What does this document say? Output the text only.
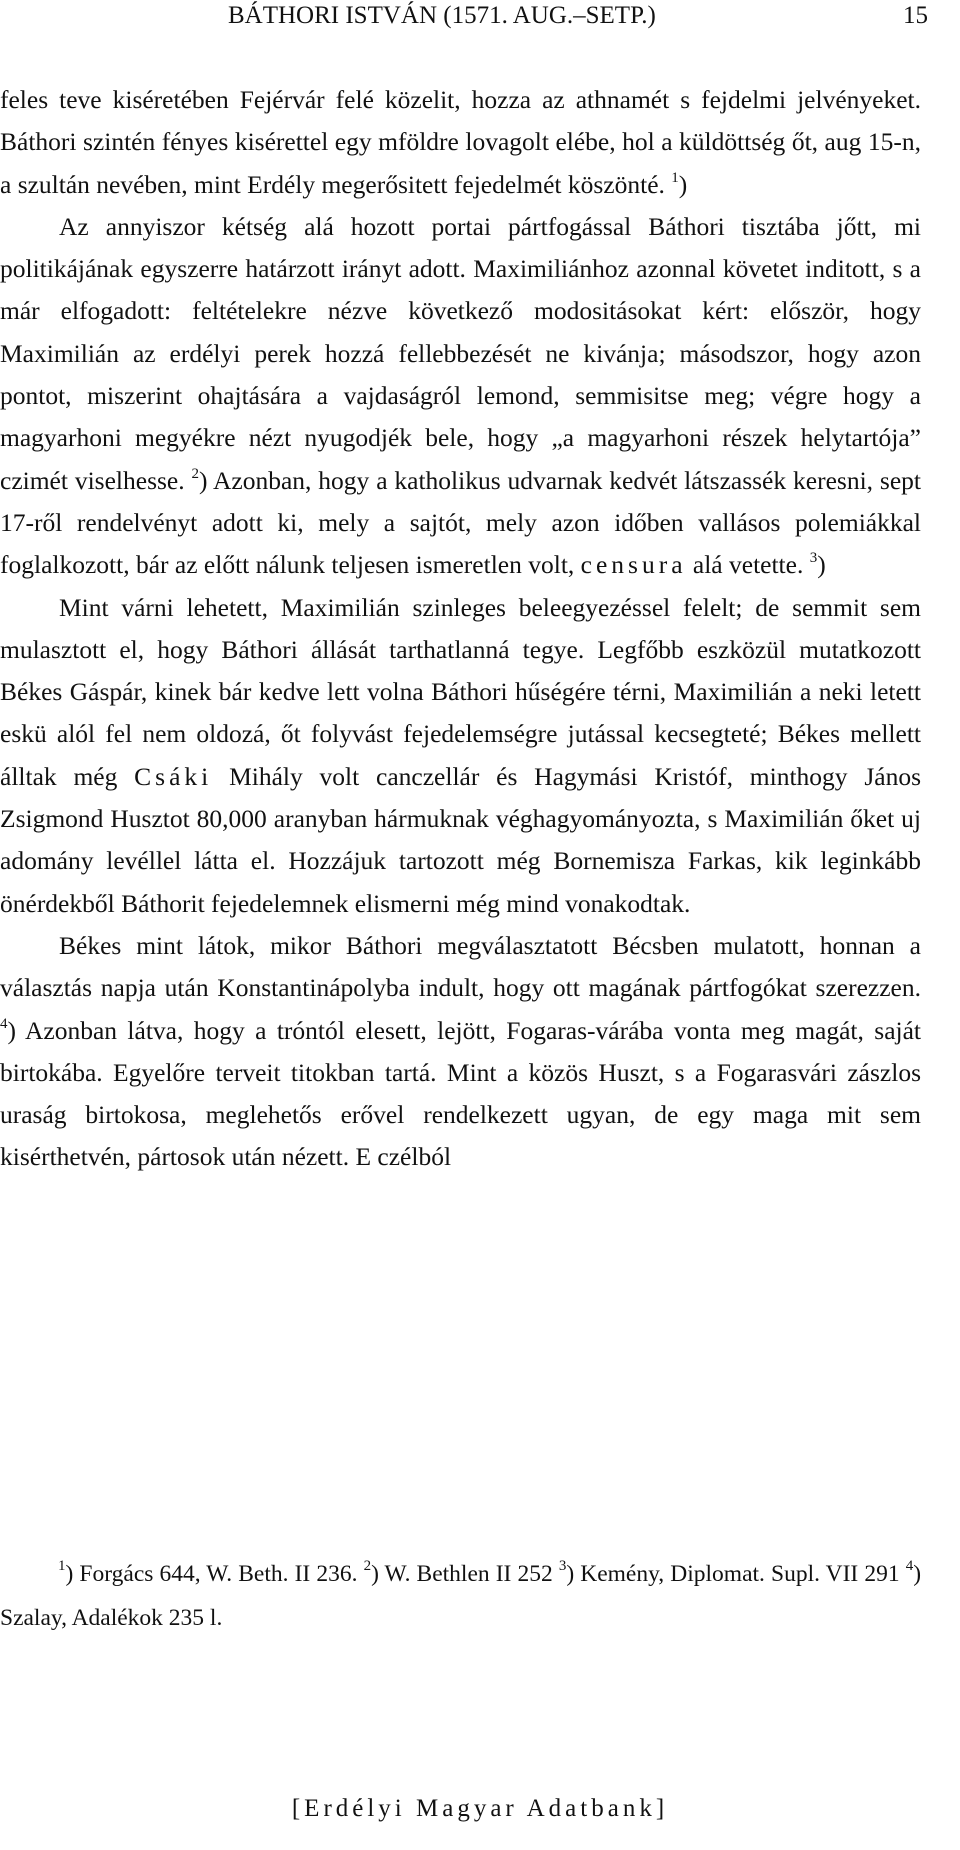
BÁTHORI ISTVÁN (1571. AUG.–SETP.)	15

feles teve kiséretében Fejérvár felé közelit, hozza az athnamét s fejdelmi jelvényeket. Báthori szintén fényes kisérettel egy mföldre lovagolt elébe, hol a küldöttség őt, aug 15-n, a szultán nevében, mint Erdély megerősitett fejedelmét köszönté. $^1$)

Az annyiszor kétség alá hozott portai pártfogással Báthori tisztába jőtt, mi politikájának egyszerre határzott irányt adott. Maximiliánhoz azonnal követet inditott, s a már elfogadott: feltételekre nézve következő modositásokat kért: először, hogy Maximilián az erdélyi perek hozzá fellebbezését ne kivánja; másodszor, hogy azon pontot, miszerint ohajtására a vajdaságról lemond, semmisitse meg; végre hogy a magyarhoni megyékre nézt nyugodjék bele, hogy „a magyarhoni részek helytartója” czimét viselhesse. $^2$) Azonban, hogy a katholikus udvarnak kedvét látszassék keresni, sept 17-ről rendelvényt adott ki, mely a sajtót, mely azon időben vallásos polemiákkal foglalkozott, bár az előtt nálunk teljesen ismeretlen volt, censura alá vetette. $^3$)

Mint várni lehetett, Maximilián szinleges beleegyezéssel felelt; de semmit sem mulasztott el, hogy Báthori állását tarthatlanná tegye. Legfőbb eszközül mutatkozott Békes Gáspár, kinek bár kedve lett volna Báthori hűségére térni, Maximilián a neki letett eskü alól fel nem oldozá, őt folyvást fejedelemségre jutással kecsegteté; Békes mellett álltak még Csáki Mihály volt canczellár és Hagymási Kristóf, minthogy János Zsigmond Husztot 80,000 aranyban hármuknak véghagyományozta, s Maximilián őket uj adomány levéllel látta el. Hozzájuk tartozott még Bornemisza Farkas, kik leginkább önérdekből Báthorit fejedelemnek elismerni még mind vonakodtak.

Békes mint látok, mikor Báthori megválasztatott Bécsben mulatott, honnan a választás napja után Konstantinápolyba indult, hogy ott magának pártfogókat szerezzen. $^4$) Azonban látva, hogy a tróntól elesett, lejött, Fogaras-várába vonta meg magát, saját birtokába. Egyelőre terveit titokban tartá. Mint a közös Huszt, s a Fogarasvári zászlos uraság birtokosa, meglehetős erővel rendelkezett ugyan, de egy maga mit sem kisérthetvén, pártosok után nézett. E czélból

$^1$) Forgács 644, W. Beth. II 236. $^2$) W. Bethlen II 252 $^3$) Kemény, Diplomat. Supl. VII 291 $^4$) Szalay, Adalékok 235 l.

[Erdélyi Magyar Adatbank]
